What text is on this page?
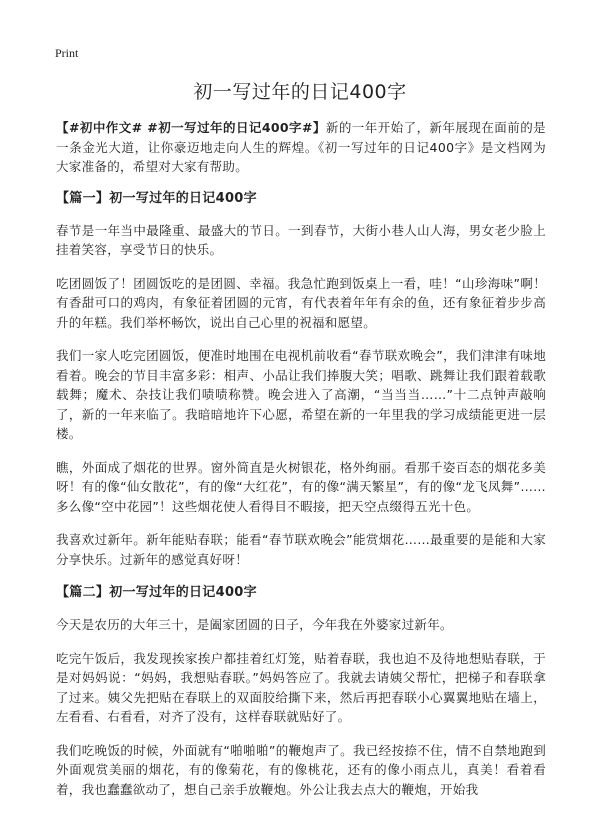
Print
初一写过年的日记400字

【#初中作文# #初一写过年的日记400字#】新的一年开始了，新年展现在面前的是一条金光大道，让你豪迈地走向人生的辉煌。《初一写过年的日记400字》是文档网为大家准备的，希望对大家有帮助。

【篇一】初一写过年的日记400字

春节是一年当中最隆重、最盛大的节日。一到春节，大街小巷人山人海，男女老少脸上挂着笑容，享受节日的快乐。

吃团圆饭了！团圆饭吃的是团圆、幸福。我急忙跑到饭桌上一看，哇！“山珍海味”啊！有香甜可口的鸡肉，有象征着团圆的元宵，有代表着年年有余的鱼，还有象征着步步高升的年糕。我们举杯畅饮，说出自己心里的祝福和愿望。

我们一家人吃完团圆饭，便准时地围在电视机前收看“春节联欢晚会”，我们津津有味地看着。晚会的节目丰富多彩：相声、小品让我们捧腹大笑；唱歌、跳舞让我们跟着载歌载舞；魔术、杂技让我们啧啧称赞。晚会进入了高潮，“当当当……”十二点钟声敲响了，新的一年来临了。我暗暗地许下心愿，希望在新的一年里我的学习成绩能更进一层楼。

瞧，外面成了烟花的世界。窗外简直是火树银花，格外绚丽。看那千姿百态的烟花多美呀！有的像“仙女散花”，有的像“大红花”，有的像“满天繁星”，有的像“龙飞凤舞”……多么像“空中花园”！这些烟花使人看得目不暇接，把天空点缀得五光十色。

我喜欢过新年。新年能贴春联；能看“春节联欢晚会”能赏烟花……最重要的是能和大家分享快乐。过新年的感觉真好呀！

【篇二】初一写过年的日记400字

今天是农历的大年三十，是阖家团圆的日子，今年我在外婆家过新年。

吃完午饭后，我发现挨家挨户都挂着红灯笼，贴着春联，我也迫不及待地想贴春联，于是对妈妈说：“妈妈，我想贴春联。”妈妈答应了。我就去请姨父帮忙，把梯子和春联拿了过来。姨父先把贴在春联上的双面胶给撕下来，然后再把春联小心翼翼地贴在墙上，左看看、右看看，对齐了没有，这样春联就贴好了。

我们吃晚饭的时候，外面就有“啪啪啪”的鞭炮声了。我已经按捺不住，情不自禁地跑到外面观赏美丽的烟花，有的像菊花，有的像桃花，还有的像小雨点儿，真美！看着看着，我也蠢蠢欲动了，想自己亲手放鞭炮。外公让我去点大的鞭炮，开始我
